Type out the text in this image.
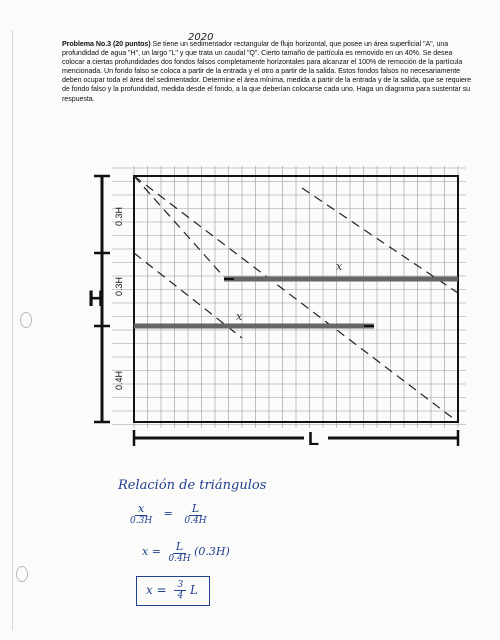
2020
Problema No.3 (20 puntos) Se tiene un sedimentador rectangular de flujo horizontal, que posee un área superficial "A", una profundidad de agua "H", un largo "L" y que trata un caudal "Q". Cierto tamaño de partícula es removido en un 40%. Se desea colocar a ciertas profundidades dos fondos falsos completamente horizontales para alcanzar el 100% de remoción de la partícula mencionada. Un fondo falso se coloca a partir de la entrada y el otro a partir de la salida. Estos fondos falsos no necesariamente deben ocupar toda el área del sedimentador. Determine el área mínima, medida a partir de la entrada y de la salida, que se requiere de fondo falso y la profundidad, medida desde el fondo, a la que deberían colocarse cada uno. Haga un diagrama para sustentar su respuesta.
H
0.3H
0.3H
0.4H
x
x
L
Relación de triángulos
$\frac{x}{0.3H} = \frac{L}{0.4H}$
$x = \frac{L}{0.4H} (0.3H)$
$x = \frac{3}{4}$ L
